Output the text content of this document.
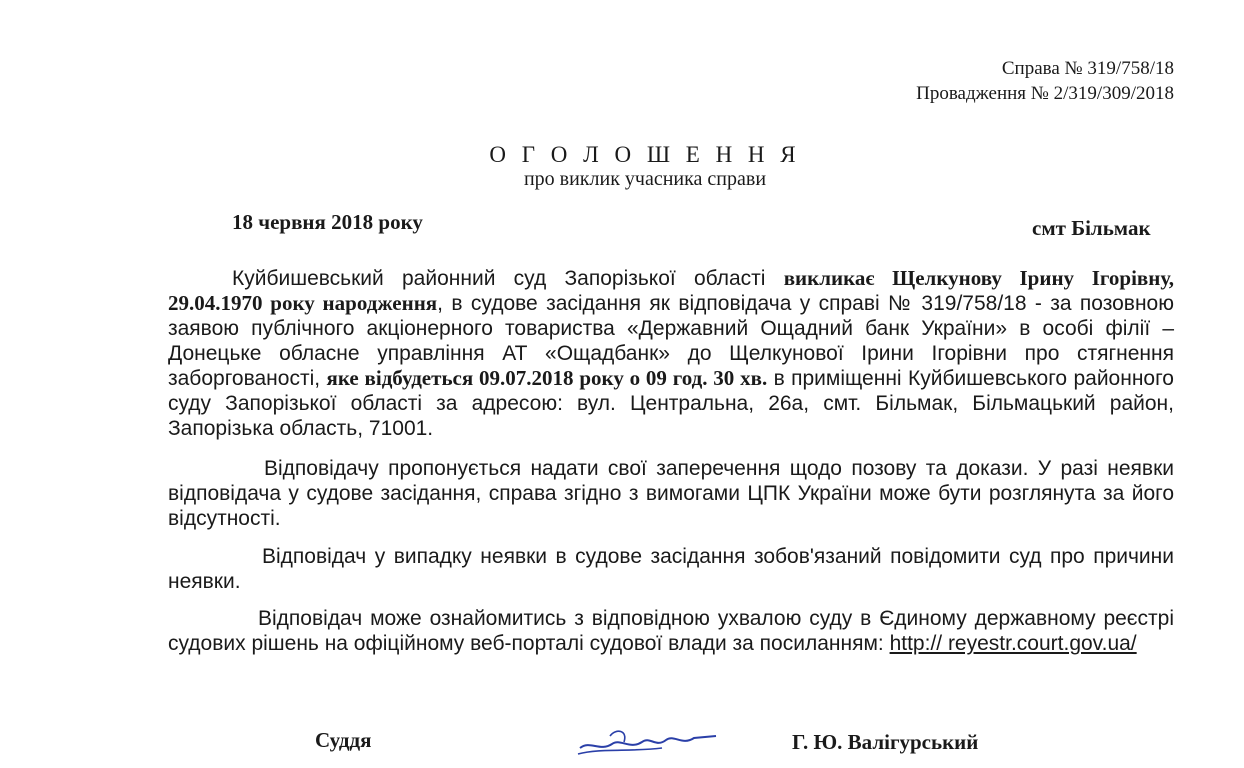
Справа № 319/758/18
Провадження № 2/319/309/2018
О Г О Л О Ш Е Н Н Я
про виклик учасника справи
18 червня 2018 року	смт Більмак
Куйбишевський районний суд Запорізької області викликає Щелкунову Ірину Ігорівну, 29.04.1970 року народження, в судове засідання як відповідача у справі № 319/758/18 - за позовною заявою публічного акціонерного товариства «Державний Ощадний банк України» в особі філії – Донецьке обласне управління АТ «Ощадбанк» до Щелкунової Ірини Ігорівни про стягнення заборгованості, яке відбудеться 09.07.2018 року о 09 год. 30 хв. в приміщенні Куйбишевського районного суду Запорізької області за адресою: вул. Центральна, 26а, смт. Більмак, Більмацький район, Запорізька область, 71001.
Відповідачу пропонується надати свої заперечення щодо позову та докази. У разі неявки відповідача у судове засідання, справа згідно з вимогами ЦПК України може бути розглянута за його відсутності.
Відповідач у випадку неявки в судове засідання зобов'язаний повідомити суд про причини неявки.
Відповідач може ознайомитись з відповідною ухвалою суду в Єдиному державному реєстрі судових рішень на офіційному веб-порталі судової влади за посиланням: http:// reyestr.court.gov.ua/
Суддя	Г. Ю. Валігурський
